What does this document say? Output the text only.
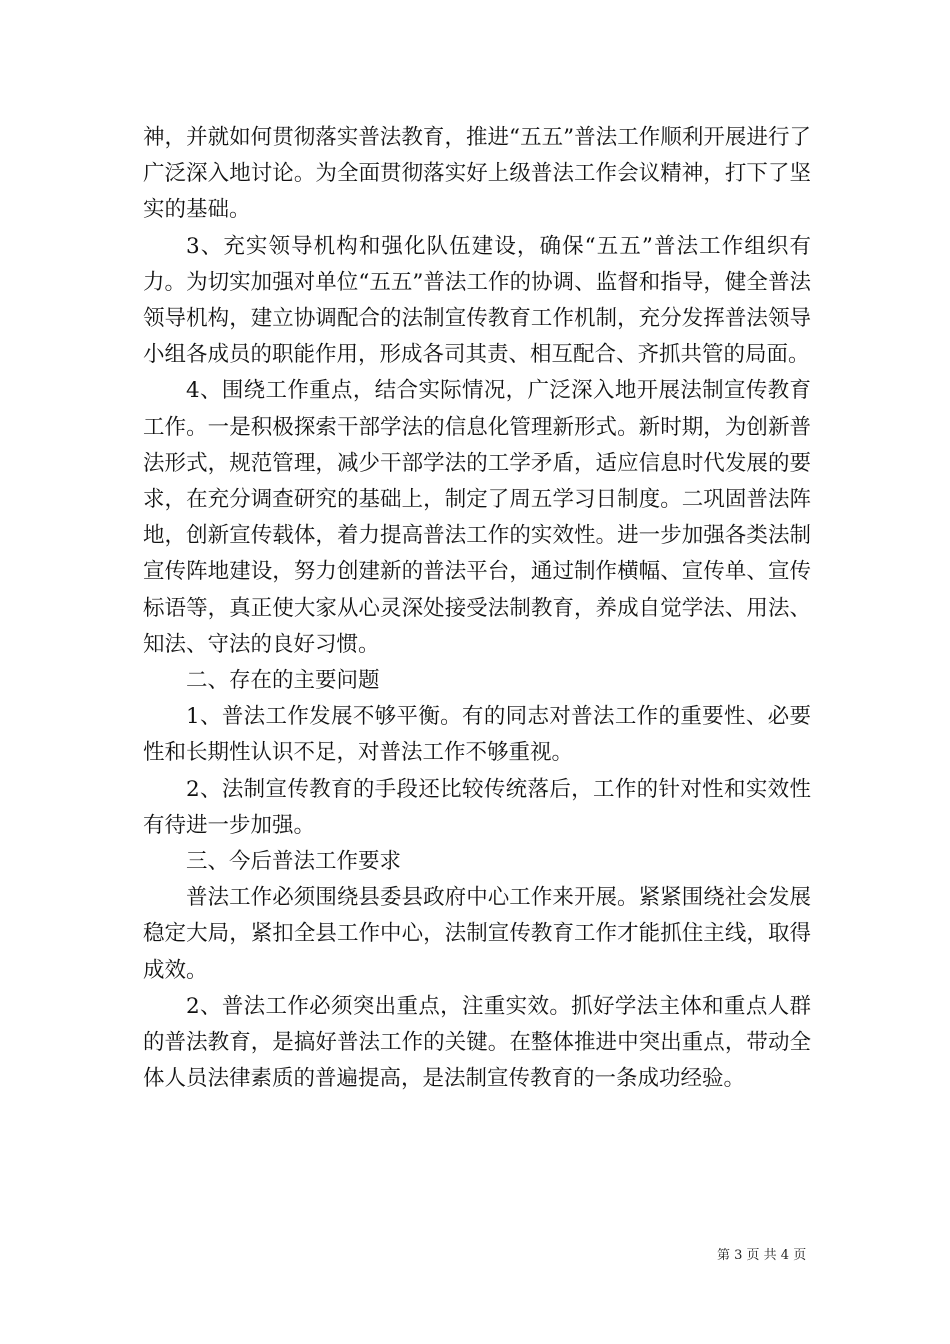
神，并就如何贯彻落实普法教育，推进“五五”普法工作顺利开展进行了广泛深入地讨论。为全面贯彻落实好上级普法工作会议精神，打下了坚实的基础。

3、充实领导机构和强化队伍建设，确保“五五”普法工作组织有力。为切实加强对单位“五五”普法工作的协调、监督和指导，健全普法领导机构，建立协调配合的法制宣传教育工作机制，充分发挥普法领导小组各成员的职能作用，形成各司其责、相互配合、齐抓共管的局面。

4、围绕工作重点，结合实际情况，广泛深入地开展法制宣传教育工作。一是积极探索干部学法的信息化管理新形式。新时期，为创新普法形式，规范管理，减少干部学法的工学矛盾，适应信息时代发展的要求，在充分调查研究的基础上，制定了周五学习日制度。二巩固普法阵地，创新宣传载体，着力提高普法工作的实效性。进一步加强各类法制宣传阵地建设，努力创建新的普法平台，通过制作横幅、宣传单、宣传标语等，真正使大家从心灵深处接受法制教育，养成自觉学法、用法、知法、守法的良好习惯。

二、存在的主要问题

1、普法工作发展不够平衡。有的同志对普法工作的重要性、必要性和长期性认识不足，对普法工作不够重视。

2、法制宣传教育的手段还比较传统落后，工作的针对性和实效性有待进一步加强。

三、今后普法工作要求

普法工作必须围绕县委县政府中心工作来开展。紧紧围绕社会发展稳定大局，紧扣全县工作中心，法制宣传教育工作才能抓住主线，取得成效。

2、普法工作必须突出重点，注重实效。抓好学法主体和重点人群的普法教育，是搞好普法工作的关键。在整体推进中突出重点，带动全体人员法律素质的普遍提高，是法制宣传教育的一条成功经验。

第 3 页 共 4 页
